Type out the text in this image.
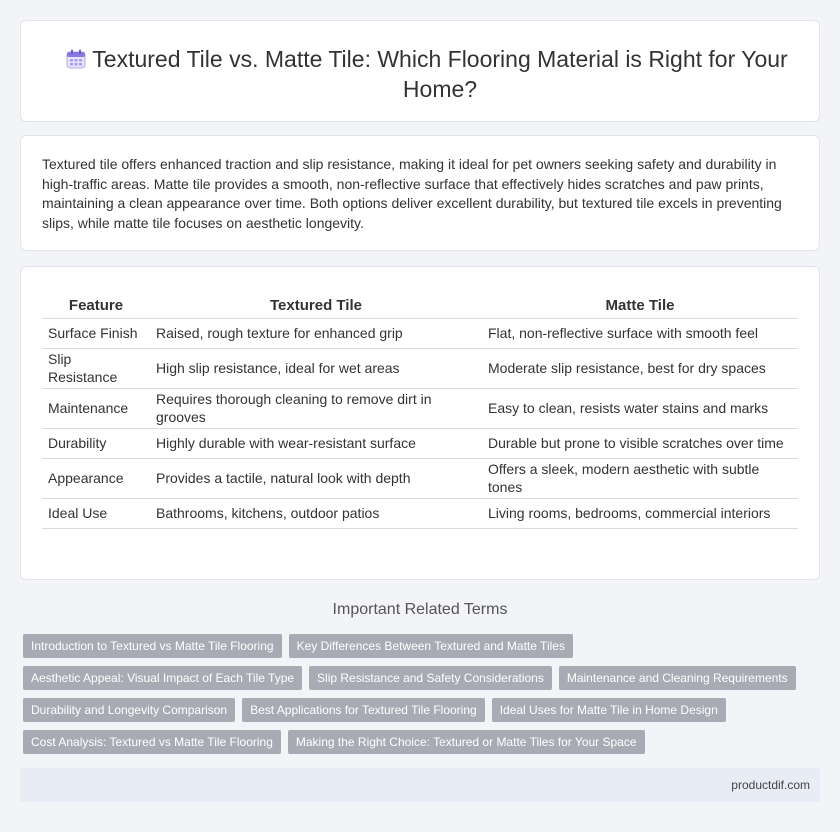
Textured Tile vs. Matte Tile: Which Flooring Material is Right for Your Home?

Textured tile offers enhanced traction and slip resistance, making it ideal for pet owners seeking safety and durability in high-traffic areas. Matte tile provides a smooth, non-reflective surface that effectively hides scratches and paw prints, maintaining a clean appearance over time. Both options deliver excellent durability, but textured tile excels in preventing slips, while matte tile focuses on aesthetic longevity.

Feature	Textured Tile	Matte Tile
Surface Finish	Raised, rough texture for enhanced grip	Flat, non-reflective surface with smooth feel
Slip Resistance	High slip resistance, ideal for wet areas	Moderate slip resistance, best for dry spaces
Maintenance	Requires thorough cleaning to remove dirt in grooves	Easy to clean, resists water stains and marks
Durability	Highly durable with wear-resistant surface	Durable but prone to visible scratches over time
Appearance	Provides a tactile, natural look with depth	Offers a sleek, modern aesthetic with subtle tones
Ideal Use	Bathrooms, kitchens, outdoor patios	Living rooms, bedrooms, commercial interiors
Important Related Terms
Introduction to Textured vs Matte Tile Flooring Key Differences Between Textured and Matte Tiles
Aesthetic Appeal: Visual Impact of Each Tile Type Slip Resistance and Safety Considerations Maintenance and Cleaning Requirements
Durability and Longevity Comparison Best Applications for Textured Tile Flooring Ideal Uses for Matte Tile in Home Design
Cost Analysis: Textured vs Matte Tile Flooring Making the Right Choice: Textured or Matte Tiles for Your Space
productdif.com
